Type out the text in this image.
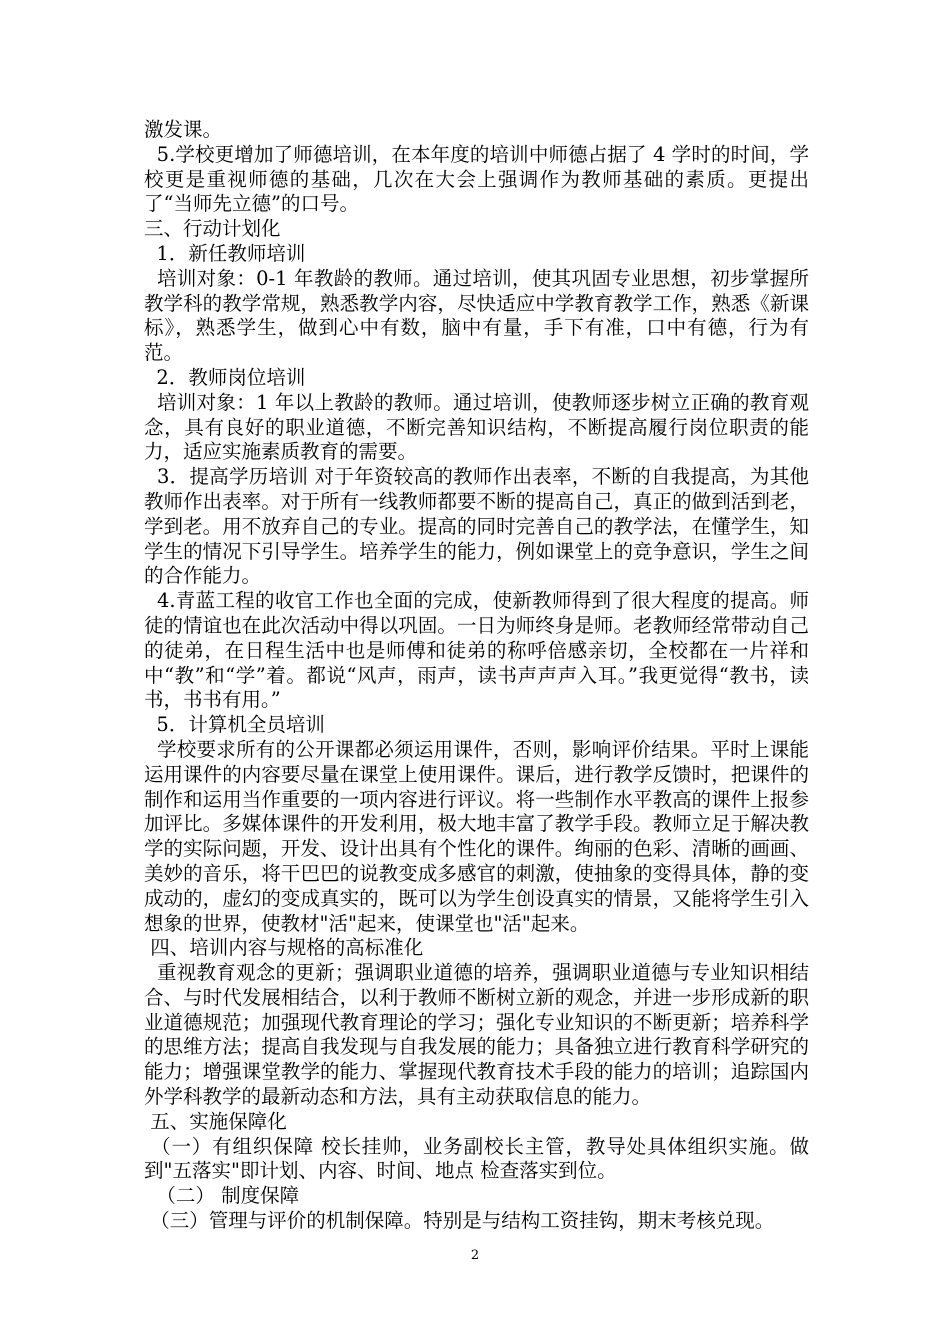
激发课。

5.学校更增加了师德培训，在本年度的培训中师德占据了 4 学时的时间，学校更是重视师德的基础，几次在大会上强调作为教师基础的素质。更提出了“当师先立德”的口号。

三、行动计划化

1．新任教师培训

培训对象：0-1 年教龄的教师。通过培训，使其巩固专业思想，初步掌握所教学科的教学常规，熟悉教学内容，尽快适应中学教育教学工作，熟悉《新课标》，熟悉学生，做到心中有数，脑中有量，手下有准，口中有德，行为有范。

2．教师岗位培训

培训对象：1 年以上教龄的教师。通过培训，使教师逐步树立正确的教育观念，具有良好的职业道德，不断完善知识结构，不断提高履行岗位职责的能力，适应实施素质教育的需要。

3．提高学历培训 对于年资较高的教师作出表率，不断的自我提高，为其他教师作出表率。对于所有一线教师都要不断的提高自己，真正的做到活到老，学到老。用不放弃自己的专业。提高的同时完善自己的教学法，在懂学生，知学生的情况下引导学生。培养学生的能力，例如课堂上的竞争意识，学生之间的合作能力。

4.青蓝工程的收官工作也全面的完成，使新教师得到了很大程度的提高。师徒的情谊也在此次活动中得以巩固。一日为师终身是师。老教师经常带动自己的徒弟，在日程生活中也是师傅和徒弟的称呼倍感亲切，全校都在一片祥和中“教”和“学”着。都说“风声，雨声，读书声声声入耳。”我更觉得“教书，读书，书书有用。”

5．计算机全员培训

学校要求所有的公开课都必须运用课件，否则，影响评价结果。平时上课能运用课件的内容要尽量在课堂上使用课件。课后，进行教学反馈时，把课件的制作和运用当作重要的一项内容进行评议。将一些制作水平教高的课件上报参加评比。多媒体课件的开发利用，极大地丰富了教学手段。教师立足于解决教学的实际问题，开发、设计出具有个性化的课件。绚丽的色彩、清晰的画画、美妙的音乐，将干巴巴的说教变成多感官的刺激，使抽象的变得具体，静的变成动的，虚幻的变成真实的，既可以为学生创设真实的情景，又能将学生引入想象的世界，使教材"活"起来，使课堂也"活"起来。

四、培训内容与规格的高标准化

重视教育观念的更新；强调职业道德的培养，强调职业道德与专业知识相结合、与时代发展相结合，以利于教师不断树立新的观念，并进一步形成新的职业道德规范；加强现代教育理论的学习；强化专业知识的不断更新；培养科学的思维方法；提高自我发现与自我发展的能力；具备独立进行教育科学研究的能力；增强课堂教学的能力、掌握现代教育技术手段的能力的培训；追踪国内外学科教学的最新动态和方法，具有主动获取信息的能力。

五、实施保障化

（一）有组织保障 校长挂帅，业务副校长主管，教导处具体组织实施。做到"五落实"即计划、内容、时间、地点 检查落实到位。

（二） 制度保障

（三）管理与评价的机制保障。特别是与结构工资挂钩，期末考核兑现。

2
